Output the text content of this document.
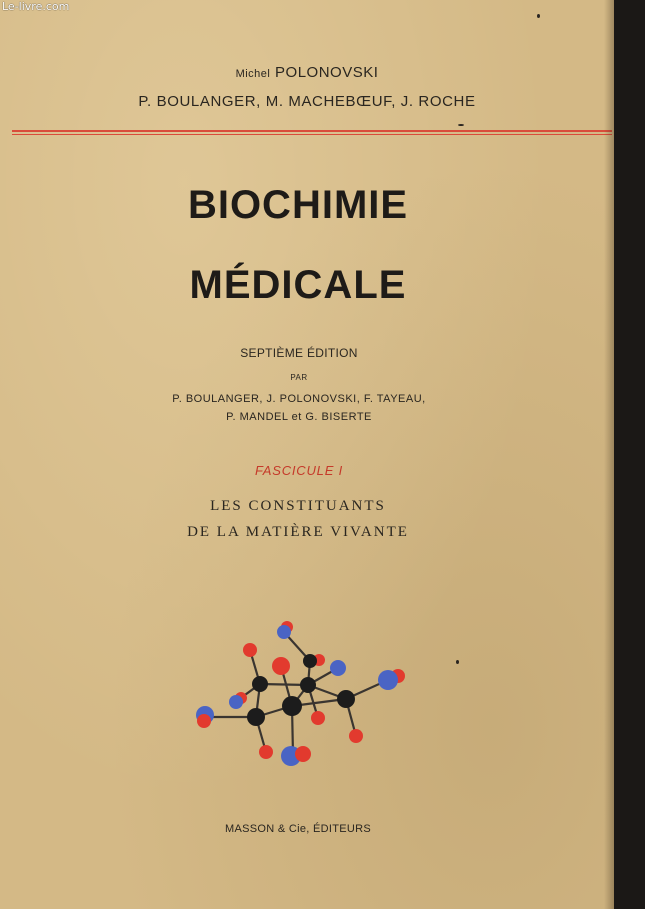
Michel POLONOVSKI
P. BOULANGER, M. MACHEBŒUF, J. ROCHE
BIOCHIMIE
MÉDICALE
SEPTIÈME ÉDITION
PAR
P. BOULANGER, J. POLONOVSKI, F. TAYEAU,
P. MANDEL et G. BISERTE
FASCICULE I
LES CONSTITUANTS
DE LA MATIÈRE VIVANTE
MASSON & Cie, ÉDITEURS
Le-livre.com
